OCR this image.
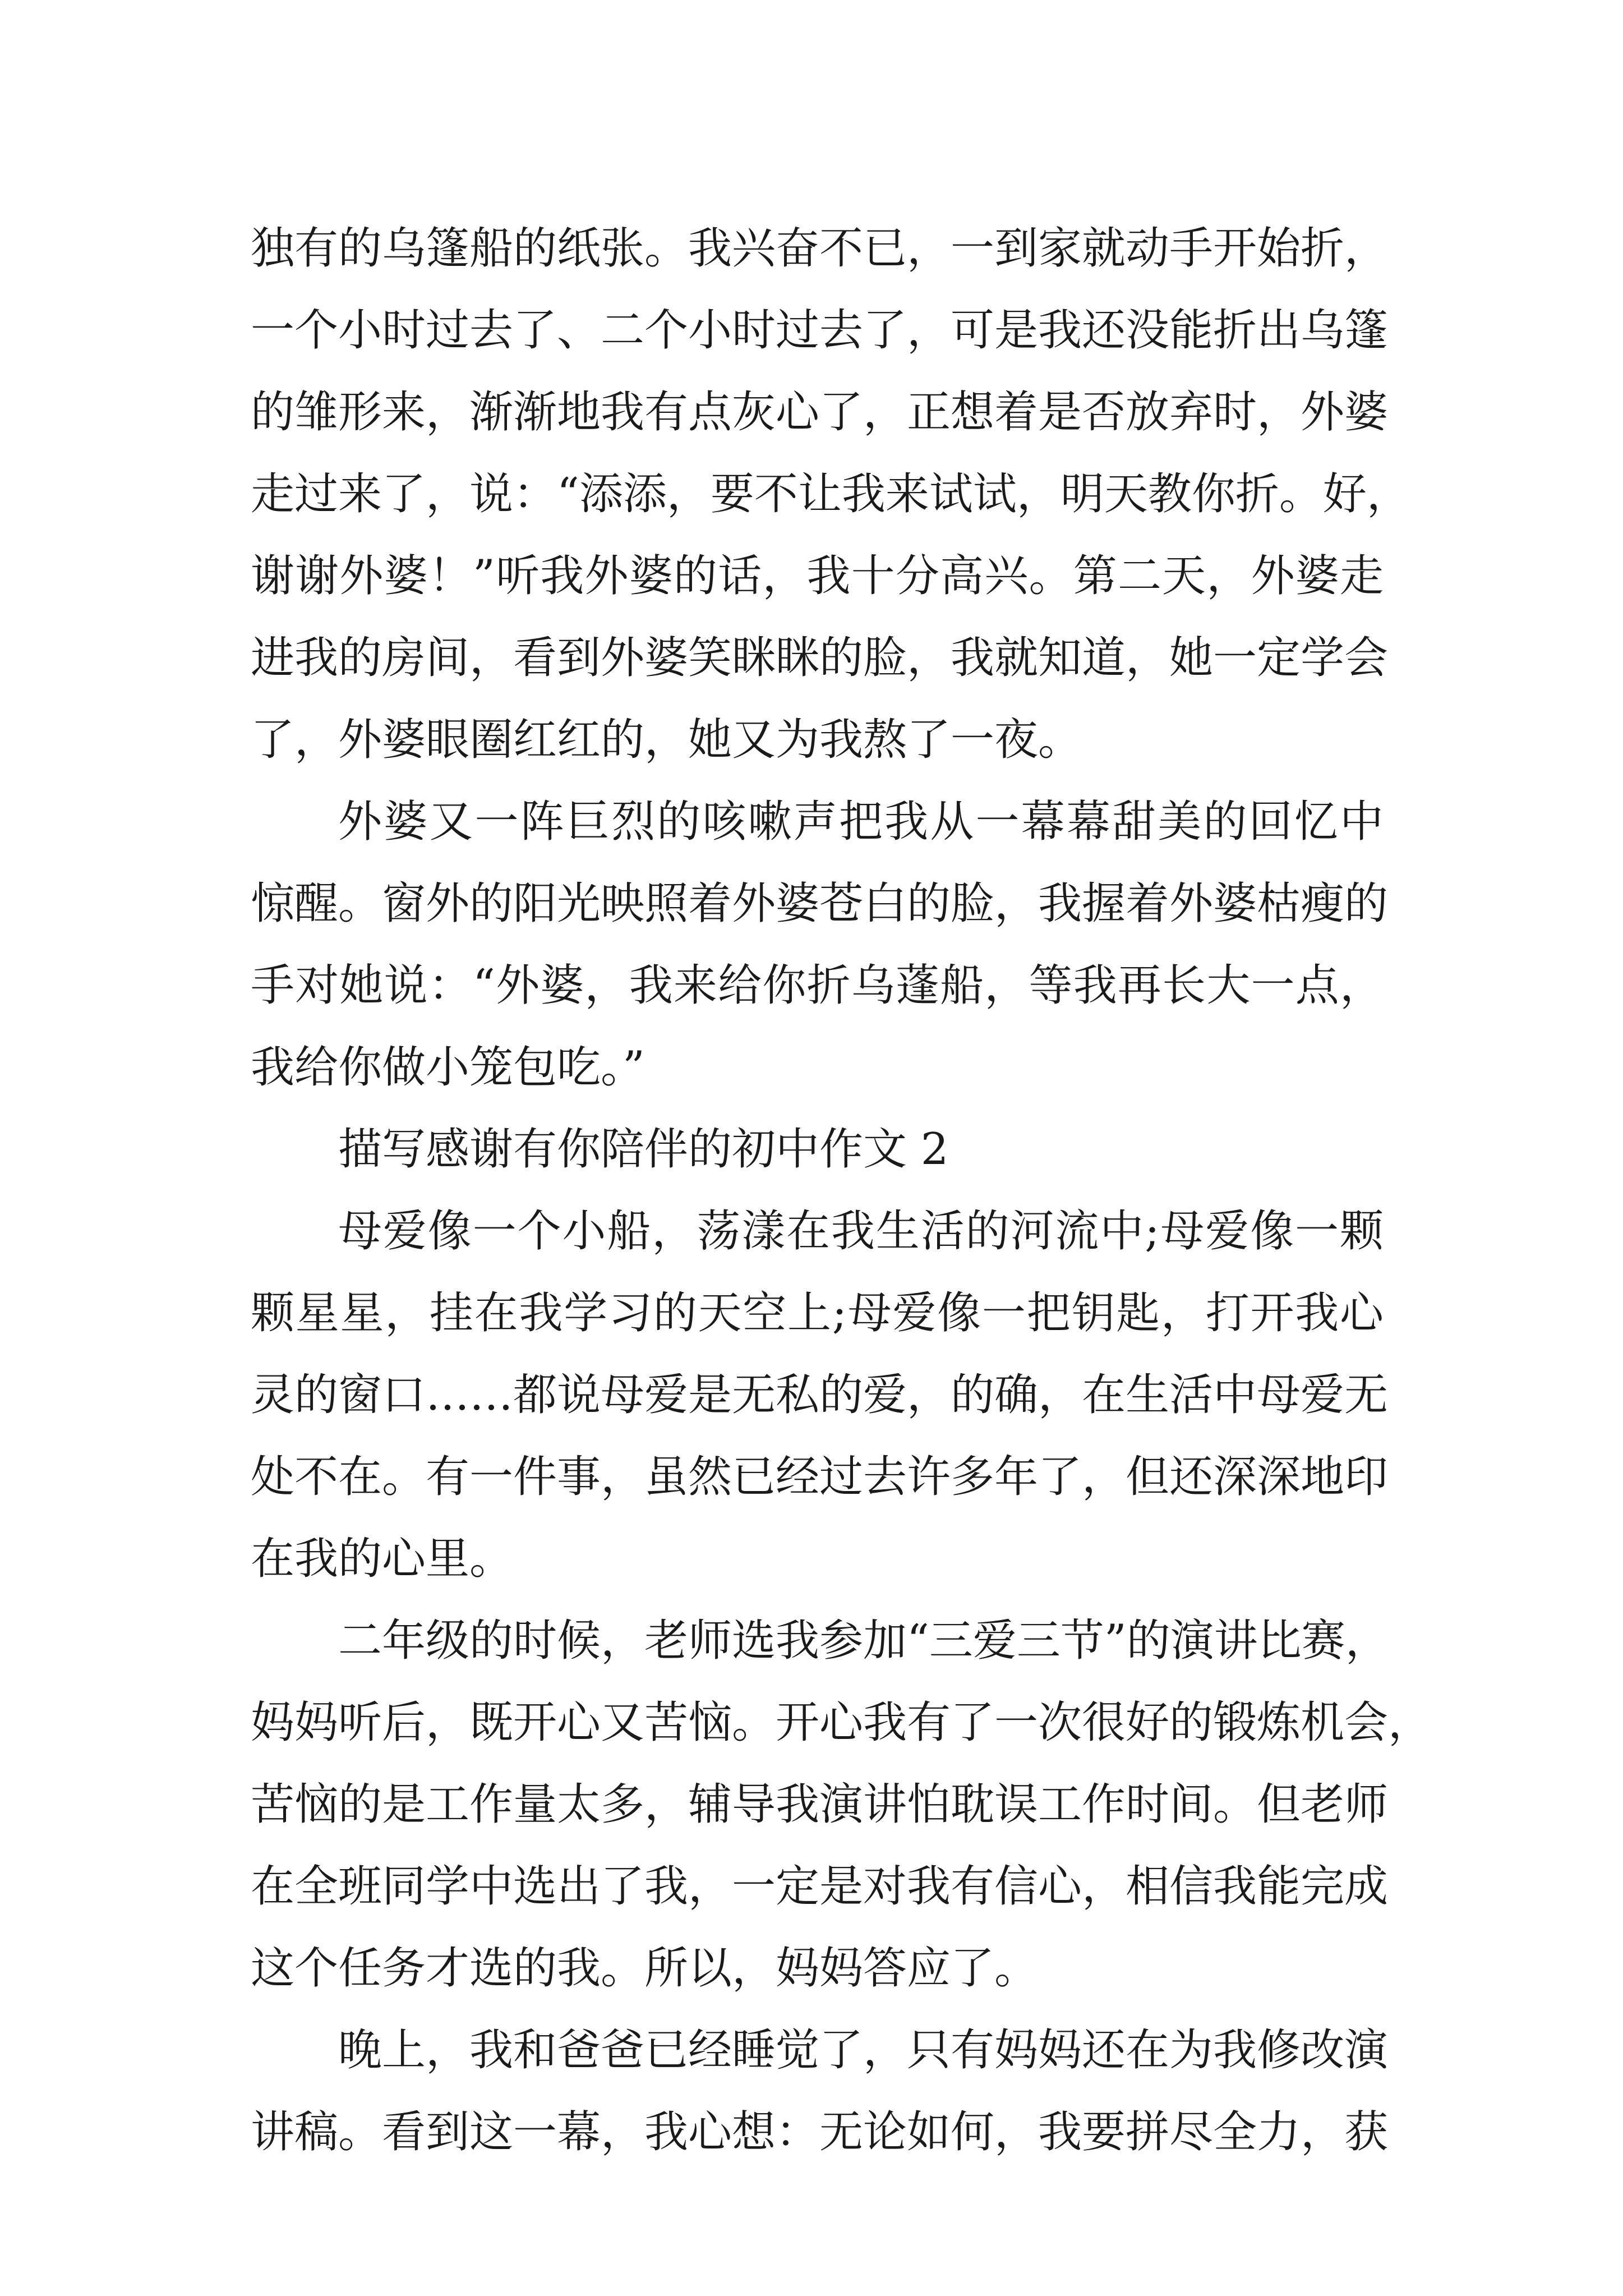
独有的乌篷船的纸张。我兴奋不已，一到家就动手开始折，
一个小时过去了、二个小时过去了，可是我还没能折出乌篷
的雏形来，渐渐地我有点灰心了，正想着是否放弃时，外婆
走过来了，说：“添添，要不让我来试试，明天教你折。好，
谢谢外婆！”听我外婆的话，我十分高兴。第二天，外婆走
进我的房间，看到外婆笑眯眯的脸，我就知道，她一定学会
了，外婆眼圈红红的，她又为我熬了一夜。
外婆又一阵巨烈的咳嗽声把我从一幕幕甜美的回忆中
惊醒。窗外的阳光映照着外婆苍白的脸，我握着外婆枯瘦的
手对她说：“外婆，我来给你折乌蓬船，等我再长大一点，
我给你做小笼包吃。”
描写感谢有你陪伴的初中作文 2
母爱像一个小船，荡漾在我生活的河流中;母爱像一颗
颗星星，挂在我学习的天空上;母爱像一把钥匙，打开我心
灵的窗口……都说母爱是无私的爱，的确，在生活中母爱无
处不在。有一件事，虽然已经过去许多年了，但还深深地印
在我的心里。
二年级的时候，老师选我参加“三爱三节”的演讲比赛，
妈妈听后，既开心又苦恼。开心我有了一次很好的锻炼机会，
苦恼的是工作量太多，辅导我演讲怕耽误工作时间。但老师
在全班同学中选出了我，一定是对我有信心，相信我能完成
这个任务才选的我。所以，妈妈答应了。
晚上，我和爸爸已经睡觉了，只有妈妈还在为我修改演
讲稿。看到这一幕，我心想：无论如何，我要拼尽全力，获
